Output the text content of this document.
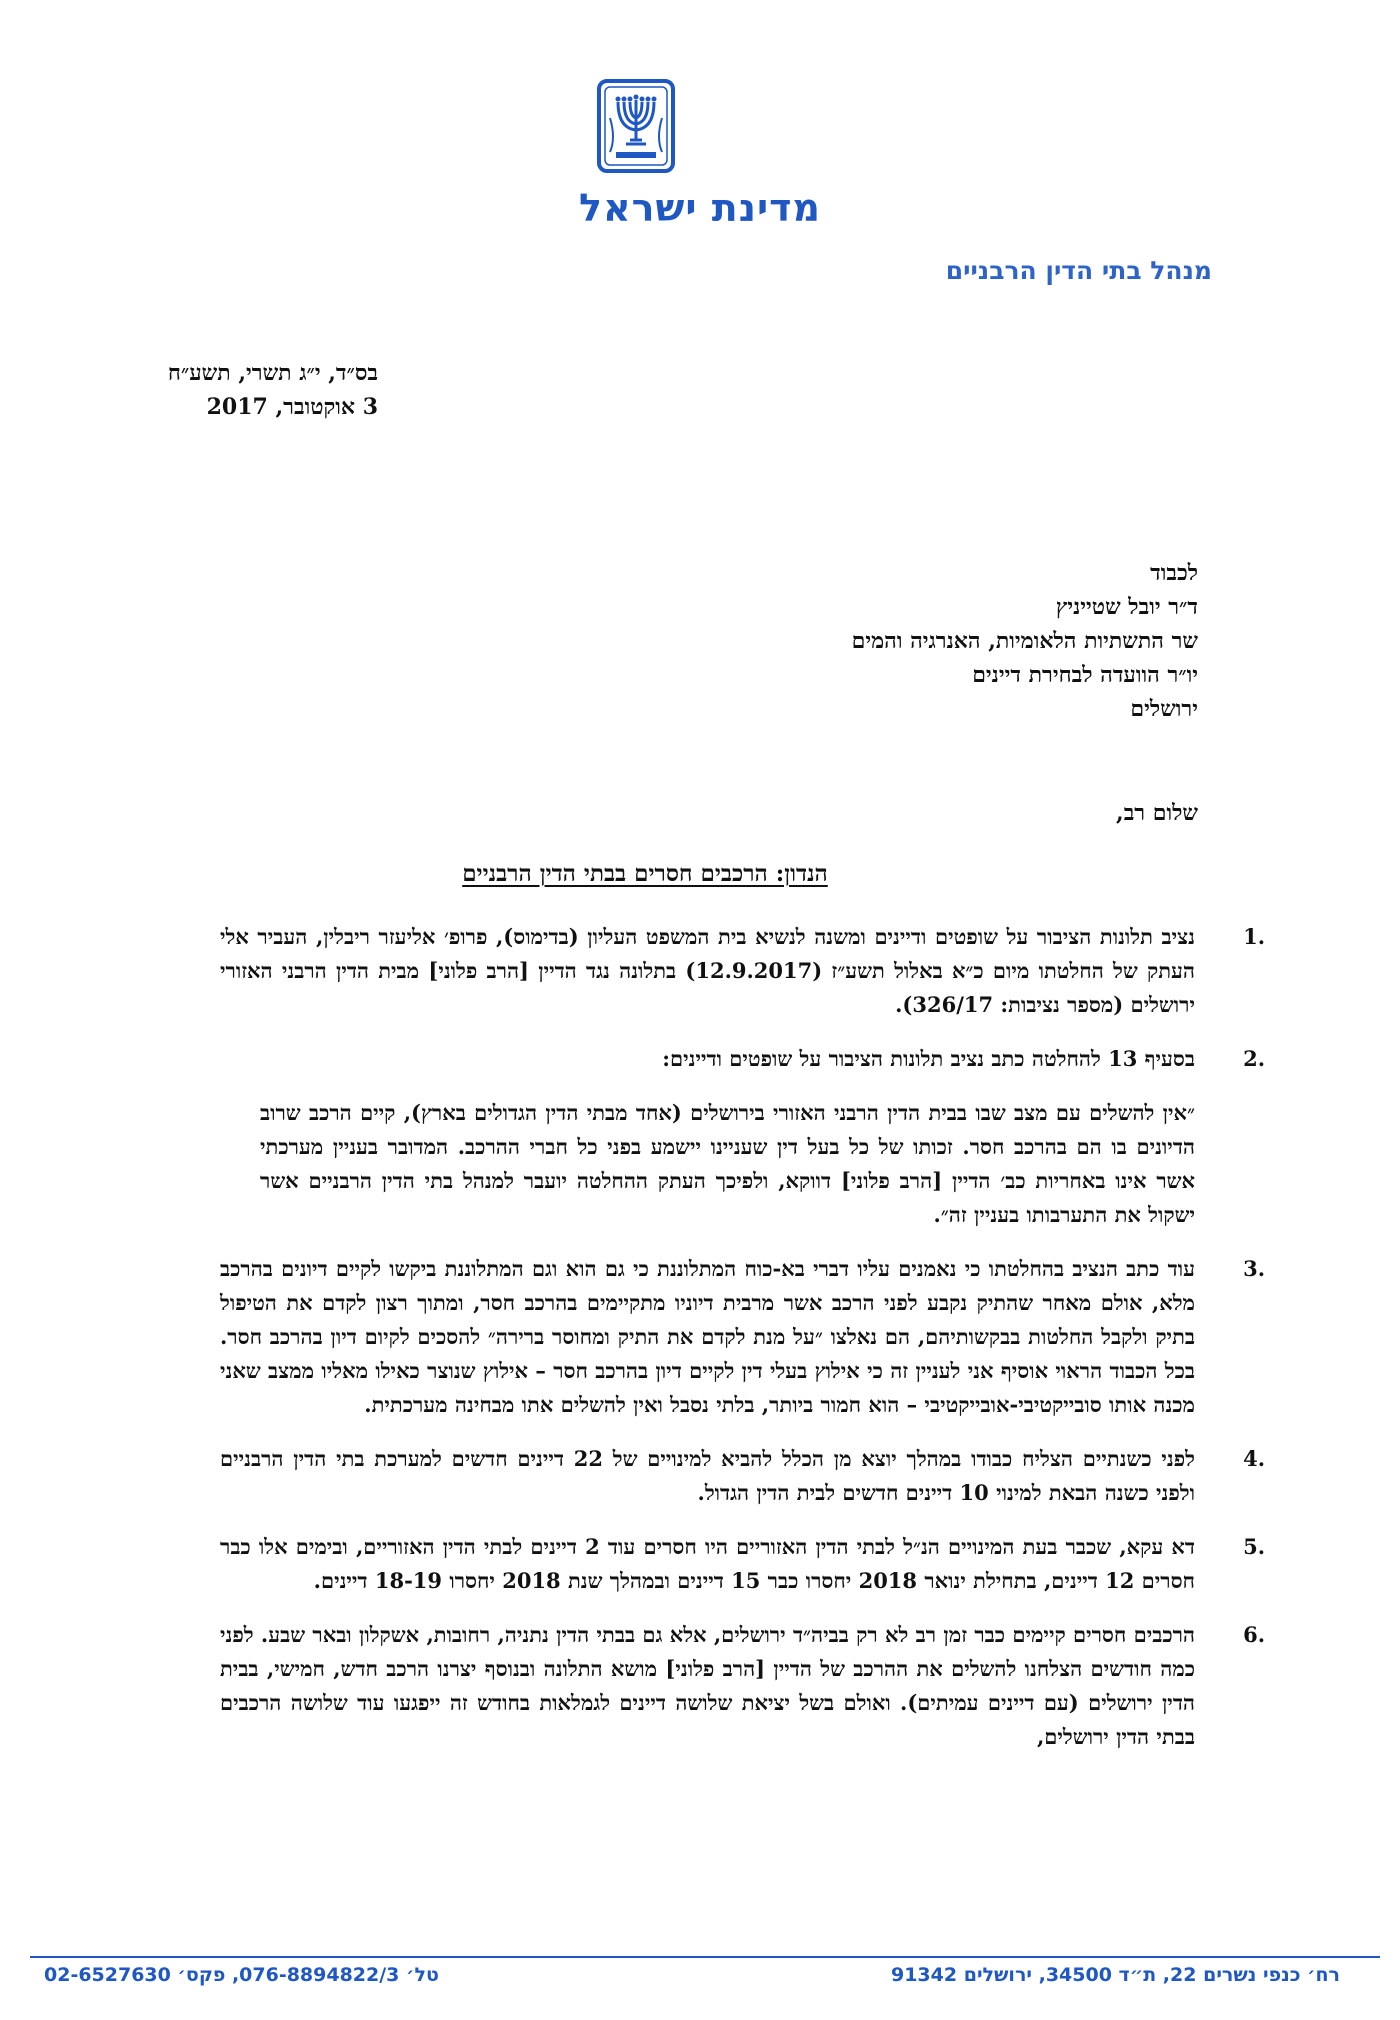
מדינת ישראל
מנהל בתי הדין הרבניים
בס״ד, י״ג תשרי, תשע״ח
3 אוקטובר, 2017
לכבוד
ד״ר יובל שטייניץ
שר התשתיות הלאומיות, האנרגיה והמים
יו״ר הוועדה לבחירת דיינים
ירושלים
שלום רב,
הנדון: הרכבים חסרים בבתי הדין הרבניים
.1
נציב תלונות הציבור על שופטים ודיינים ומשנה לנשיא בית המשפט העליון (בדימוס), פרופ׳ אליעזר ריבלין, העביר אלי העתק של החלטתו מיום כ״א באלול תשע״ז (12.9.2017) בתלונה נגד הדיין [הרב פלוני] מבית הדין הרבני האזורי ירושלים (מספר נציבות: 326/17).
.2
בסעיף 13 להחלטה כתב נציב תלונות הציבור על שופטים ודיינים:
״אין להשלים עם מצב שבו בבית הדין הרבני האזורי בירושלים (אחד מבתי הדין הגדולים בארץ), קיים הרכב שרוב הדיונים בו הם בהרכב חסר. זכותו של כל בעל דין שעניינו יישמע בפני כל חברי ההרכב. המדובר בעניין מערכתי אשר אינו באחריות כב׳ הדיין [הרב פלוני] דווקא, ולפיכך העתק ההחלטה יועבר למנהל בתי הדין הרבניים אשר ישקול את התערבותו בעניין זה״.
.3
עוד כתב הנציב בהחלטתו כי נאמנים עליו דברי בא-כוח המתלוננת כי גם הוא וגם המתלוננת ביקשו לקיים דיונים בהרכב מלא, אולם מאחר שהתיק נקבע לפני הרכב אשר מרבית דיוניו מתקיימים בהרכב חסר, ומתוך רצון לקדם את הטיפול בתיק ולקבל החלטות בבקשותיהם, הם נאלצו ״על מנת לקדם את התיק ומחוסר ברירה״ להסכים לקיום דיון בהרכב חסר. בכל הכבוד הראוי אוסיף אני לעניין זה כי אילוץ בעלי דין לקיים דיון בהרכב חסר – אילוץ שנוצר כאילו מאליו ממצב שאני מכנה אותו סובייקטיבי-אובייקטיבי – הוא חמור ביותר, בלתי נסבל ואין להשלים אתו מבחינה מערכתית.
.4
לפני כשנתיים הצליח כבודו במהלך יוצא מן הכלל להביא למינויים של 22 דיינים חדשים למערכת בתי הדין הרבניים ולפני כשנה הבאת למינוי 10 דיינים חדשים לבית הדין הגדול.
.5
דא עקא, שכבר בעת המינויים הנ״ל לבתי הדין האזוריים היו חסרים עוד 2 דיינים לבתי הדין האזוריים, ובימים אלו כבר חסרים 12 דיינים, בתחילת ינואר 2018 יחסרו כבר 15 דיינים ובמהלך שנת 2018 יחסרו 18-19 דיינים.
.6
הרכבים חסרים קיימים כבר זמן רב לא רק בביה״ד ירושלים, אלא גם בבתי הדין נתניה, רחובות, אשקלון ובאר שבע. לפני כמה חודשים הצלחנו להשלים את ההרכב של הדיין [הרב פלוני] מושא התלונה ובנוסף יצרנו הרכב חדש, חמישי, בבית הדין ירושלים (עם דיינים עמיתים). ואולם בשל יציאת שלושה דיינים לגמלאות בחודש זה ייפגעו עוד שלושה הרכבים בבתי הדין ירושלים,
רח׳ כנפי נשרים 22, ת״ד 34500, ירושלים 91342
טל׳ 076-8894822/3, פקס׳ 02-6527630
